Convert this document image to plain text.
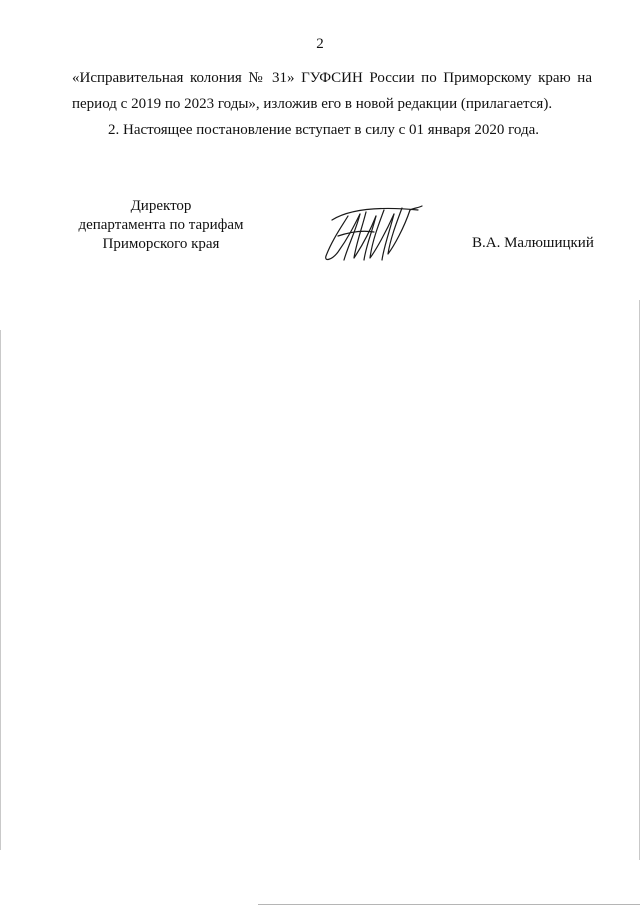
2
«Исправительная колония № 31» ГУФСИН России по Приморскому краю на
период с 2019 по 2023 годы», изложив его в новой редакции (прилагается).
2. Настоящее постановление вступает в силу с 01 января 2020 года.
Директор
департамента по тарифам
Приморского края	В.А. Малюшицкий
